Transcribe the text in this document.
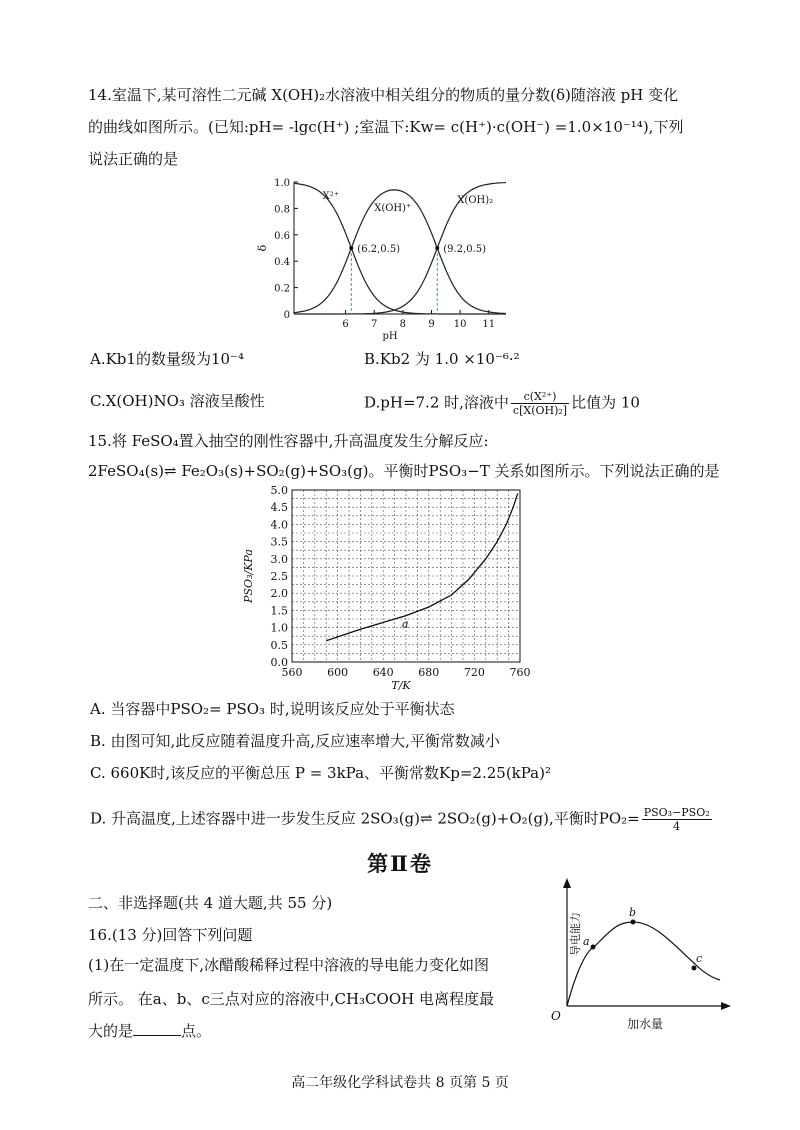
14.室温下,某可溶性二元碱 X(OH)₂水溶液中相关组分的物质的量分数(δ)随溶液 pH 变化
的曲线如图所示。(已知:pH= -lgc(H⁺) ;室温下:Kw= c(H⁺)·c(OH⁻) =1.0×10⁻¹⁴),下列
说法正确的是
6 7 8 9 10 11
0
0.2
0.4
0.6
0.8
1.0
pH
δ
X²⁺
X(OH)⁺
X(OH)₂
(6.2,0.5)	(9.2,0.5)
A.Kb1的数量级为10⁻⁴	B.Kb2 为 1.0 ×10⁻⁶·²
C.X(OH)NO₃ 溶液呈酸性	D.pH=7.2 时,溶液中 $\frac{\text{c(X²⁺)}}{\text{c[X(OH)₂]}}$ 比值为 10
15.将 FeSO₄置入抽空的刚性容器中,升高温度发生分解反应:
2FeSO₄(s)⇌ Fe₂O₃(s)+SO₂(g)+SO₃(g)。平衡时PSO₃−T 关系如图所示。下列说法正确的是
560 600 640 680 720 760
0.0
0.5
1.0
1.5
2.0
2.5
3.0
3.5
4.0
4.5
5.0
T/K
PSO₃/KPa
a
A. 当容器中PSO₂= PSO₃ 时,说明该反应处于平衡状态
B. 由图可知,此反应随着温度升高,反应速率增大,平衡常数减小
C. 660K时,该反应的平衡总压 P = 3kPa、平衡常数Kp=2.25(kPa)²
D. 升高温度,上述容器中进一步发生反应 2SO₃(g)⇌ 2SO₂(g)+O₂(g),平衡时$PO_2= \frac{\text{PSO₃−PSO₂}}{4}$
第Ⅱ卷
二、非选择题(共 4 道大题,共 55 分)
16.(13 分)回答下列问题
(1)在一定温度下,冰醋酸稀释过程中溶液的导电能力变化如图
所示。 在a、b、c三点对应的溶液中,CH₃COOH 电离程度最
大的是	点。
O
加水量
导电能力 a
b
c
高二年级化学科试卷共 8 页第 5 页
